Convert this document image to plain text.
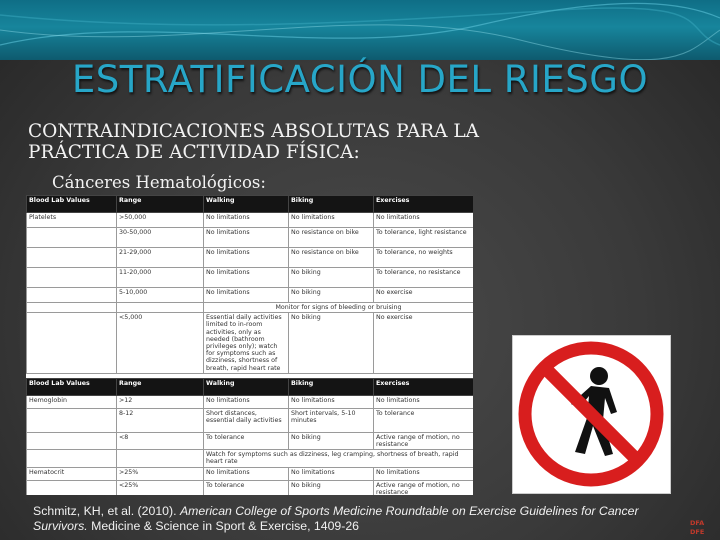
ESTRATIFICACIÓN DEL RIESGO
CONTRAINDICACIONES ABSOLUTAS PARA LA
PRÁCTICA DE ACTIVIDAD FÍSICA:
Cánceres Hematológicos:
Blood Lab Values	Range	Walking	Biking	Exercises
Platelets	>50,000	No limitations	No limitations	No limitations
	30-50,000	No limitations	No resistance on bike	To tolerance, light resistance
	21-29,000	No limitations	No resistance on bike	To tolerance, no weights
	11-20,000	No limitations	No biking	To tolerance, no resistance
	5-10,000	No limitations	No biking	No exercise
		Monitor for signs of bleeding or bruising		
	<5,000	Essential daily activities limited to in-room activities, only as needed (bathroom privileges only); watch for symptoms such as dizziness, shortness of breath, rapid heart rate	No biking	No exercise
Blood Lab Values	Range	Walking	Biking	Exercises
Hemoglobin	>12	No limitations	No limitations	No limitations
	8-12	Short distances, essential daily activities	Short intervals, 5-10 minutes	To tolerance
	<8	To tolerance	No biking	Active range of motion, no resistance
		Watch for symptoms such as dizziness, leg cramping, shortness of breath, rapid heart rate		
Hematocrit	>25%	No limitations	No limitations	No limitations
	<25%	To tolerance	No biking	Active range of motion, no resistance
Schmitz, KH, et al. (2010). American College of Sports Medicine Roundtable on Exercise Guidelines for Cancer Survivors. Medicine & Science in Sport & Exercise, 1409-26	DFA
DFE
